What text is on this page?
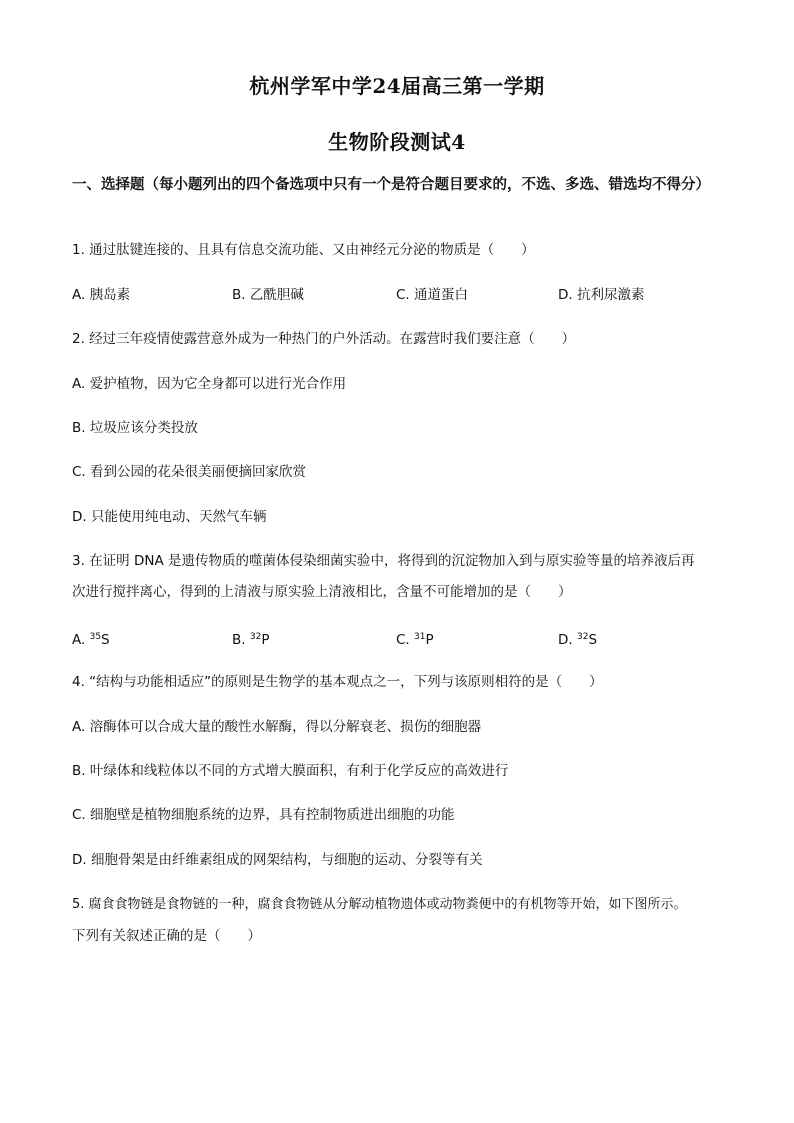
杭州学军中学24届高三第一学期
生物阶段测试4
一、选择题（每小题列出的四个备选项中只有一个是符合题目要求的，不选、多选、错选均不得分）
1. 通过肽键连接的、且具有信息交流功能、又由神经元分泌的物质是（　　）
A. 胰岛素	B. 乙酰胆碱	C. 通道蛋白	D. 抗利尿激素
2. 经过三年疫情使露营意外成为一种热门的户外活动。在露营时我们要注意（　　）
A. 爱护植物，因为它全身都可以进行光合作用
B. 垃圾应该分类投放
C. 看到公园的花朵很美丽便摘回家欣赏
D. 只能使用纯电动、天然气车辆
3. 在证明 DNA 是遗传物质的噬菌体侵染细菌实验中，将得到的沉淀物加入到与原实验等量的培养液后再
次进行搅拌离心，得到的上清液与原实验上清液相比，含量不可能增加的是（　　）
A. $^{35}$S	B. $^{32}$P	C. $^{31}$P	D. $^{32}$S
4. “结构与功能相适应”的原则是生物学的基本观点之一，下列与该原则相符的是（　　）
A. 溶酶体可以合成大量的酸性水解酶，得以分解衰老、损伤的细胞器
B. 叶绿体和线粒体以不同的方式增大膜面积，有利于化学反应的高效进行
C. 细胞壁是植物细胞系统的边界，具有控制物质进出细胞的功能
D. 细胞骨架是由纤维素组成的网架结构，与细胞的运动、分裂等有关
5. 腐食食物链是食物链的一种，腐食食物链从分解动植物遗体或动物粪便中的有机物等开始，如下图所示。
下列有关叙述正确的是（　　）
